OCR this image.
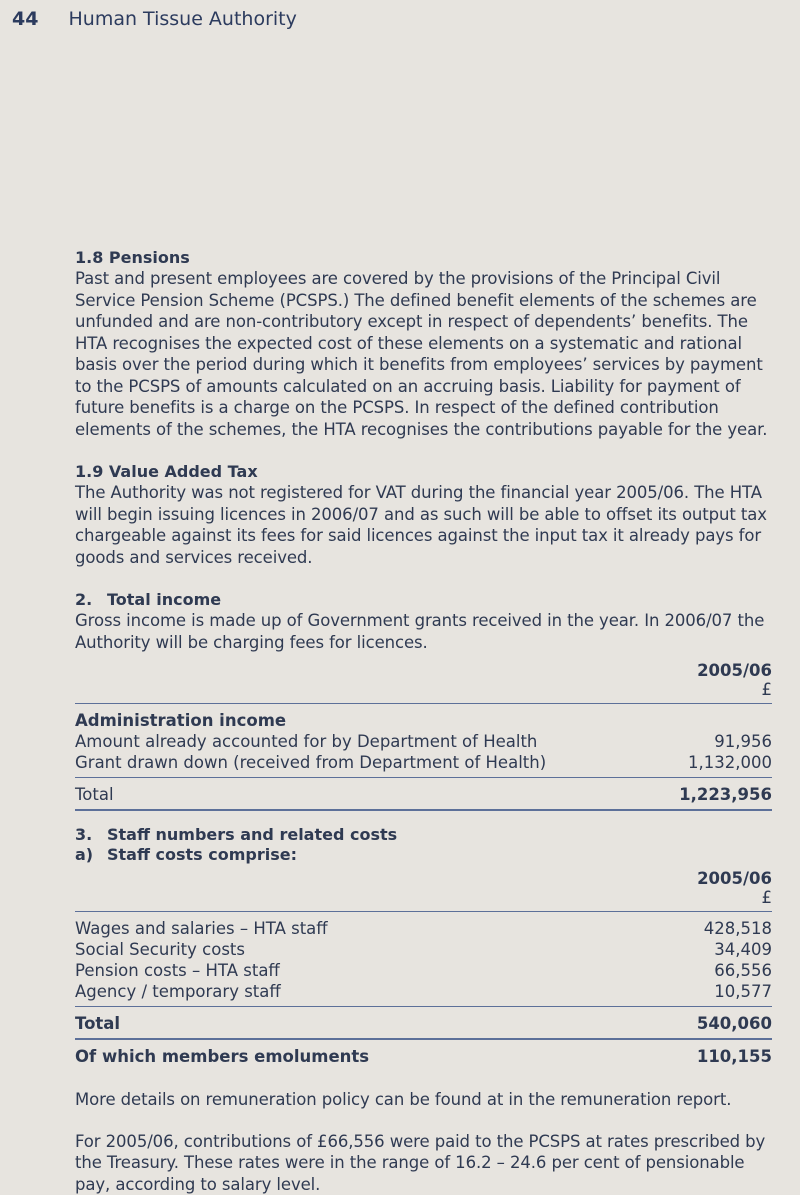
44 Human Tissue Authority
1.8 Pensions

Past and present employees are covered by the provisions of the Principal Civil Service Pension Scheme (PCSPS.) The defined benefit elements of the schemes are unfunded and are non-contributory except in respect of dependents’ benefits. The HTA recognises the expected cost of these elements on a systematic and rational basis over the period during which it benefits from employees’ services by payment to the PCSPS of amounts calculated on an accruing basis. Liability for payment of future benefits is a charge on the PCSPS. In respect of the defined contribution elements of the schemes, the HTA recognises the contributions payable for the year.

1.9 Value Added Tax

The Authority was not registered for VAT during the financial year 2005/06. The HTA will begin issuing licences in 2006/07 and as such will be able to offset its output tax chargeable against its fees for said licences against the input tax it already pays for goods and services received.

2. Total income

Gross income is made up of Government grants received in the year. In 2006/07 the Authority will be charging fees for licences.

2005/06
£
Administration income
Amount already accounted for by Department of Health	91,956
Grant drawn down (received from Department of Health)	1,132,000
Total	1,223,956
3. Staff numbers and related costs
a) Staff costs comprise:
2005/06
£
Wages and salaries – HTA staff	428,518
Social Security costs	34,409
Pension costs – HTA staff	66,556
Agency / temporary staff	10,577
Total	540,060
Of which members emoluments	110,155

More details on remuneration policy can be found at in the remuneration report.

For 2005/06, contributions of £66,556 were paid to the PCSPS at rates prescribed by the Treasury. These rates were in the range of 16.2 – 24.6 per cent of pensionable pay, according to salary level.
